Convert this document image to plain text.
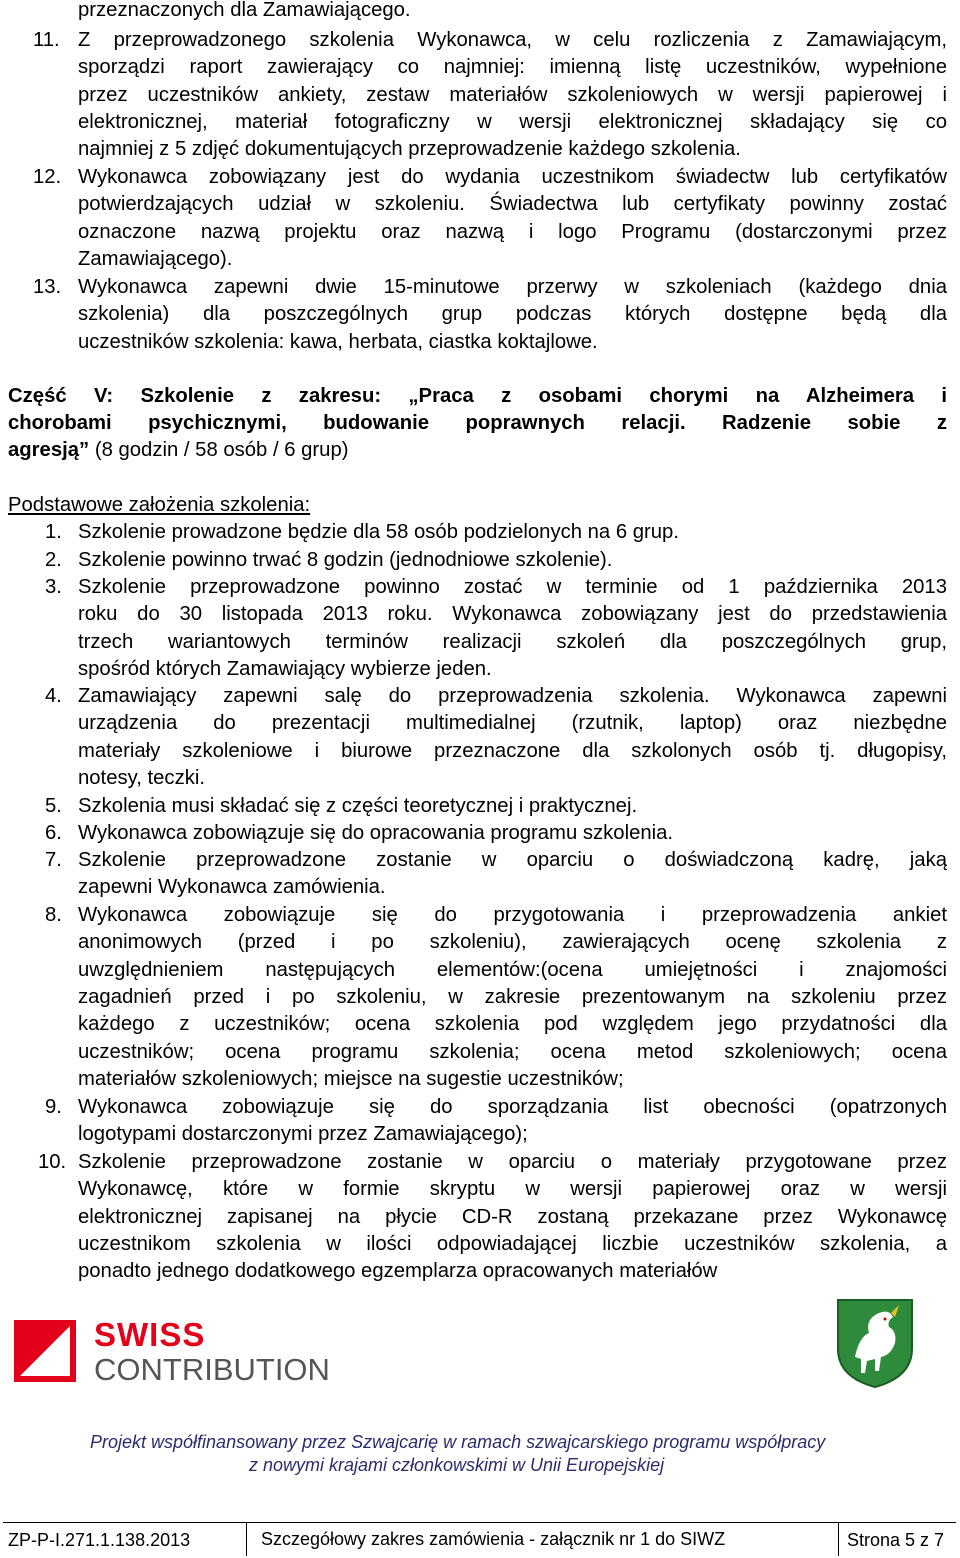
przeznaczonych dla Zamawiającego.
11. Z przeprowadzonego szkolenia Wykonawca, w celu rozliczenia z Zamawiającym,
sporządzi raport zawierający co najmniej: imienną listę uczestników, wypełnione
przez uczestników ankiety, zestaw materiałów szkoleniowych w wersji papierowej i
elektronicznej, materiał fotograficzny w wersji elektronicznej składający się co
najmniej z 5 zdjęć dokumentujących przeprowadzenie każdego szkolenia.
12. Wykonawca zobowiązany jest do wydania uczestnikom świadectw lub certyfikatów
potwierdzających udział w szkoleniu. Świadectwa lub certyfikaty powinny zostać
oznaczone nazwą projektu oraz nazwą i logo Programu (dostarczonymi przez
Zamawiającego).
13. Wykonawca zapewni dwie 15-minutowe przerwy w szkoleniach (każdego dnia
szkolenia) dla poszczególnych grup podczas których dostępne będą dla
uczestników szkolenia: kawa, herbata, ciastka koktajlowe.
Część V: Szkolenie z zakresu: „Praca z osobami chorymi na Alzheimera i
chorobami psychicznymi, budowanie poprawnych relacji. Radzenie sobie z
agresją” (8 godzin / 58 osób / 6 grup)
Podstawowe założenia szkolenia:
1. Szkolenie prowadzone będzie dla 58 osób podzielonych na 6 grup.
2. Szkolenie powinno trwać 8 godzin (jednodniowe szkolenie).
3. Szkolenie przeprowadzone powinno zostać w terminie od 1 października 2013
roku do 30 listopada 2013 roku. Wykonawca zobowiązany jest do przedstawienia
trzech wariantowych terminów realizacji szkoleń dla poszczególnych grup,
spośród których Zamawiający wybierze jeden.
4. Zamawiający zapewni salę do przeprowadzenia szkolenia. Wykonawca zapewni
urządzenia do prezentacji multimedialnej (rzutnik, laptop) oraz niezbędne
materiały szkoleniowe i biurowe przeznaczone dla szkolonych osób tj. długopisy,
notesy, teczki.
5. Szkolenia musi składać się z części teoretycznej i praktycznej.
6. Wykonawca zobowiązuje się do opracowania programu szkolenia.
7. Szkolenie przeprowadzone zostanie w oparciu o doświadczoną kadrę, jaką
zapewni Wykonawca zamówienia.
8. Wykonawca zobowiązuje się do przygotowania i przeprowadzenia ankiet
anonimowych (przed i po szkoleniu), zawierających ocenę szkolenia z
uwzględnieniem następujących elementów:(ocena umiejętności i znajomości
zagadnień przed i po szkoleniu, w zakresie prezentowanym na szkoleniu przez
każdego z uczestników; ocena szkolenia pod względem jego przydatności dla
uczestników; ocena programu szkolenia; ocena metod szkoleniowych; ocena
materiałów szkoleniowych; miejsce na sugestie uczestników;
9. Wykonawca zobowiązuje się do sporządzania list obecności (opatrzonych
logotypami dostarczonymi przez Zamawiającego);
10. Szkolenie przeprowadzone zostanie w oparciu o materiały przygotowane przez
Wykonawcę, które w formie skryptu w wersji papierowej oraz w wersji
elektronicznej zapisanej na płycie CD-R zostaną przekazane przez Wykonawcę
uczestnikom szkolenia w ilości odpowiadającej liczbie uczestników szkolenia, a
ponadto jednego dodatkowego egzemplarza opracowanych materiałów
SWISS
CONTRIBUTION
Projekt współfinansowany przez Szwajcarię w ramach szwajcarskiego programu współpracy
z nowymi krajami członkowskimi w Unii Europejskiej
ZP-P-I.271.1.138.2013	Szczegółowy zakres zamówienia - załącznik nr 1 do SIWZ	Strona 5 z 7
